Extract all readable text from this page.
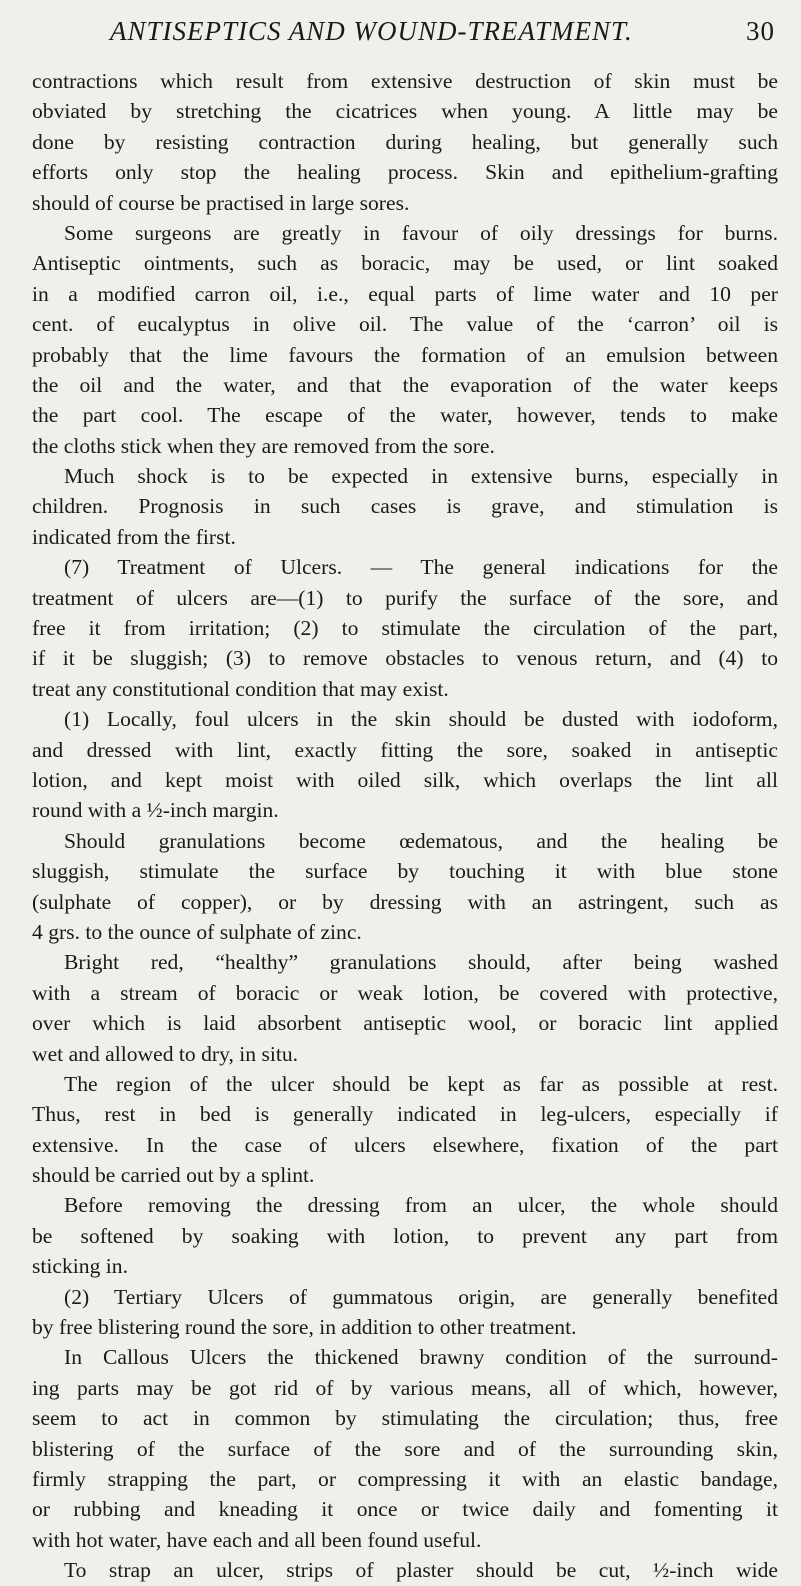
ANTISEPTICS AND WOUND-TREATMENT.	30
contractions which result from extensive destruction of skin must be
obviated by stretching the cicatrices when young. A little may be
done by resisting contraction during healing, but generally such
efforts only stop the healing process. Skin and epithelium-grafting
should of course be practised in large sores.
Some surgeons are greatly in favour of oily dressings for burns.
Antiseptic ointments, such as boracic, may be used, or lint soaked
in a modified carron oil, i.e., equal parts of lime water and 10 per
cent. of eucalyptus in olive oil. The value of the ‘carron’ oil is
probably that the lime favours the formation of an emulsion between
the oil and the water, and that the evaporation of the water keeps
the part cool. The escape of the water, however, tends to make
the cloths stick when they are removed from the sore.
Much shock is to be expected in extensive burns, especially in
children. Prognosis in such cases is grave, and stimulation is
indicated from the first.
(7) Treatment of Ulcers. — The general indications for the
treatment of ulcers are—(1) to purify the surface of the sore, and
free it from irritation; (2) to stimulate the circulation of the part,
if it be sluggish; (3) to remove obstacles to venous return, and (4) to
treat any constitutional condition that may exist.
(1) Locally, foul ulcers in the skin should be dusted with iodoform,
and dressed with lint, exactly fitting the sore, soaked in antiseptic
lotion, and kept moist with oiled silk, which overlaps the lint all
round with a ½-inch margin.
Should granulations become œdematous, and the healing be
sluggish, stimulate the surface by touching it with blue stone
(sulphate of copper), or by dressing with an astringent, such as
4 grs. to the ounce of sulphate of zinc.
Bright red, “healthy” granulations should, after being washed
with a stream of boracic or weak lotion, be covered with protective,
over which is laid absorbent antiseptic wool, or boracic lint applied
wet and allowed to dry, in situ.
The region of the ulcer should be kept as far as possible at rest.
Thus, rest in bed is generally indicated in leg-ulcers, especially if
extensive. In the case of ulcers elsewhere, fixation of the part
should be carried out by a splint.
Before removing the dressing from an ulcer, the whole should
be softened by soaking with lotion, to prevent any part from
sticking in.
(2) Tertiary Ulcers of gummatous origin, are generally benefited
by free blistering round the sore, in addition to other treatment.
In Callous Ulcers the thickened brawny condition of the surround-
ing parts may be got rid of by various means, all of which, however,
seem to act in common by stimulating the circulation; thus, free
blistering of the surface of the sore and of the surrounding skin,
firmly strapping the part, or compressing it with an elastic bandage,
or rubbing and kneading it once or twice daily and fomenting it
with hot water, have each and all been found useful.
To strap an ulcer, strips of plaster should be cut, ½-inch wide
